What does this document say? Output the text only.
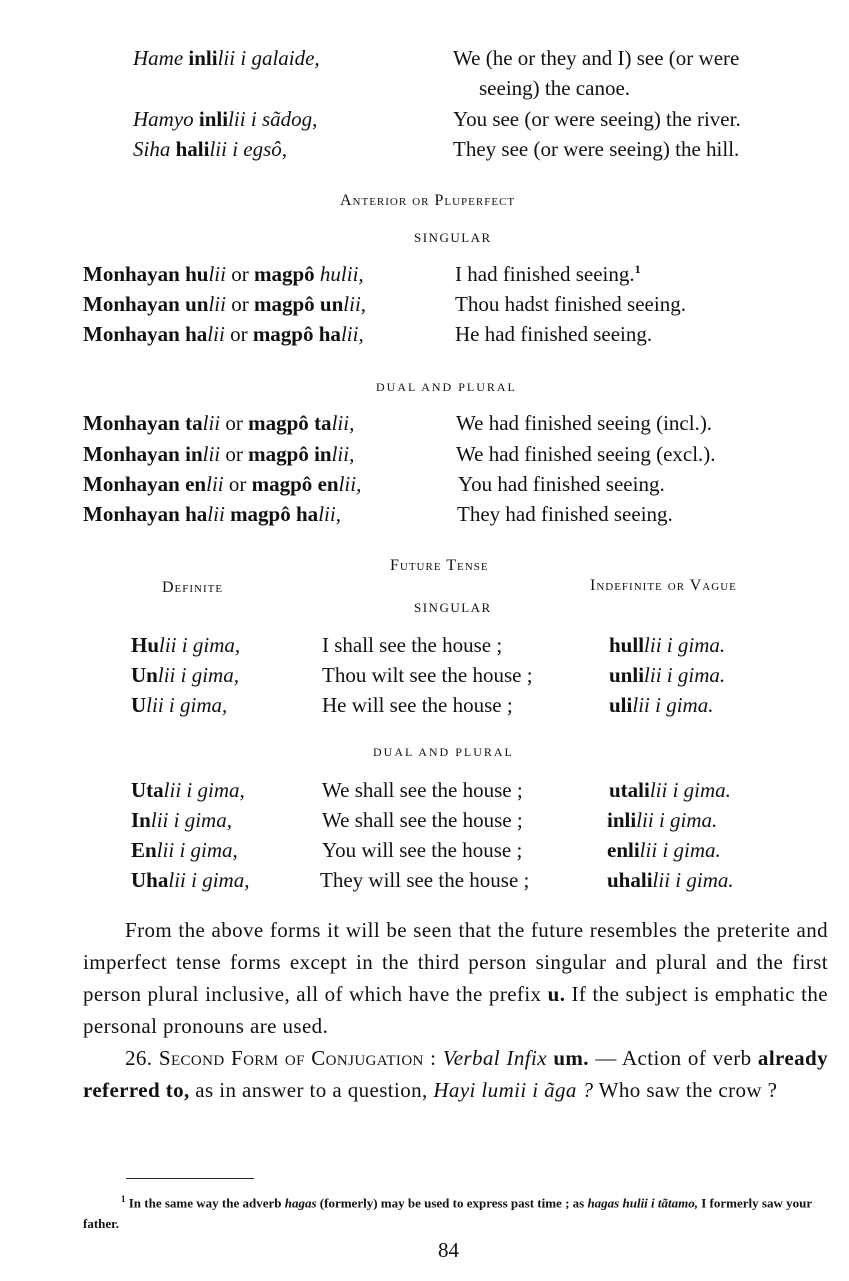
Hame inlilii i galaide,	We (he or they and I) see (or were
seeing) the canoe.
Hamyo inlilii i sãdog,	You see (or were seeing) the river.
Siha halilii i egsô,	They see (or were seeing) the hill.
Anterior or Pluperfect
SINGULAR
Monhayan hulii or magpô hulii,	I had finished seeing.$^1$
Monhayan unlii or magpô unlii,	Thou hadst finished seeing.
Monhayan halii or magpô halii,	He had finished seeing.
DUAL AND PLURAL
Monhayan talii or magpô talii,	We had finished seeing (incl.).
Monhayan inlii or magpô inlii,	We had finished seeing (excl.).
Monhayan enlii or magpô enlii,	You had finished seeing.
Monhayan halii magpô halii,	They had finished seeing.
Future Tense
Definite	Indefinite or Vague
SINGULAR
Hulii i gima,	I shall see the house ;	hulllii i gima.
Unlii i gima,	Thou wilt see the house ;	unlilii i gima.
Ulii i gima,	He will see the house ;	ulilii i gima.
DUAL AND PLURAL
Utalii i gima,	We shall see the house ;	utalilii i gima.
Inlii i gima,	We shall see the house ;	inlilii i gima.
Enlii i gima,	You will see the house ;	enlilii i gima.
Uhalii i gima,	They will see the house ;	uhalilii i gima.

From the above forms it will be seen that the future resembles the preterite and imperfect tense forms except in the third person singular and plural and the first person plural inclusive, all of which have the prefix u. If the subject is emphatic the personal pronouns are used.

26. Second Form of Conjugation : Verbal Infix um. — Action of verb already referred to, as in answer to a question, Hayi lumii i ãga ? Who saw the crow ?

$^1$ In the same way the adverb hagas (formerly) may be used to express past time ; as hagas hulii i tãtamo, I formerly saw your father.
84
